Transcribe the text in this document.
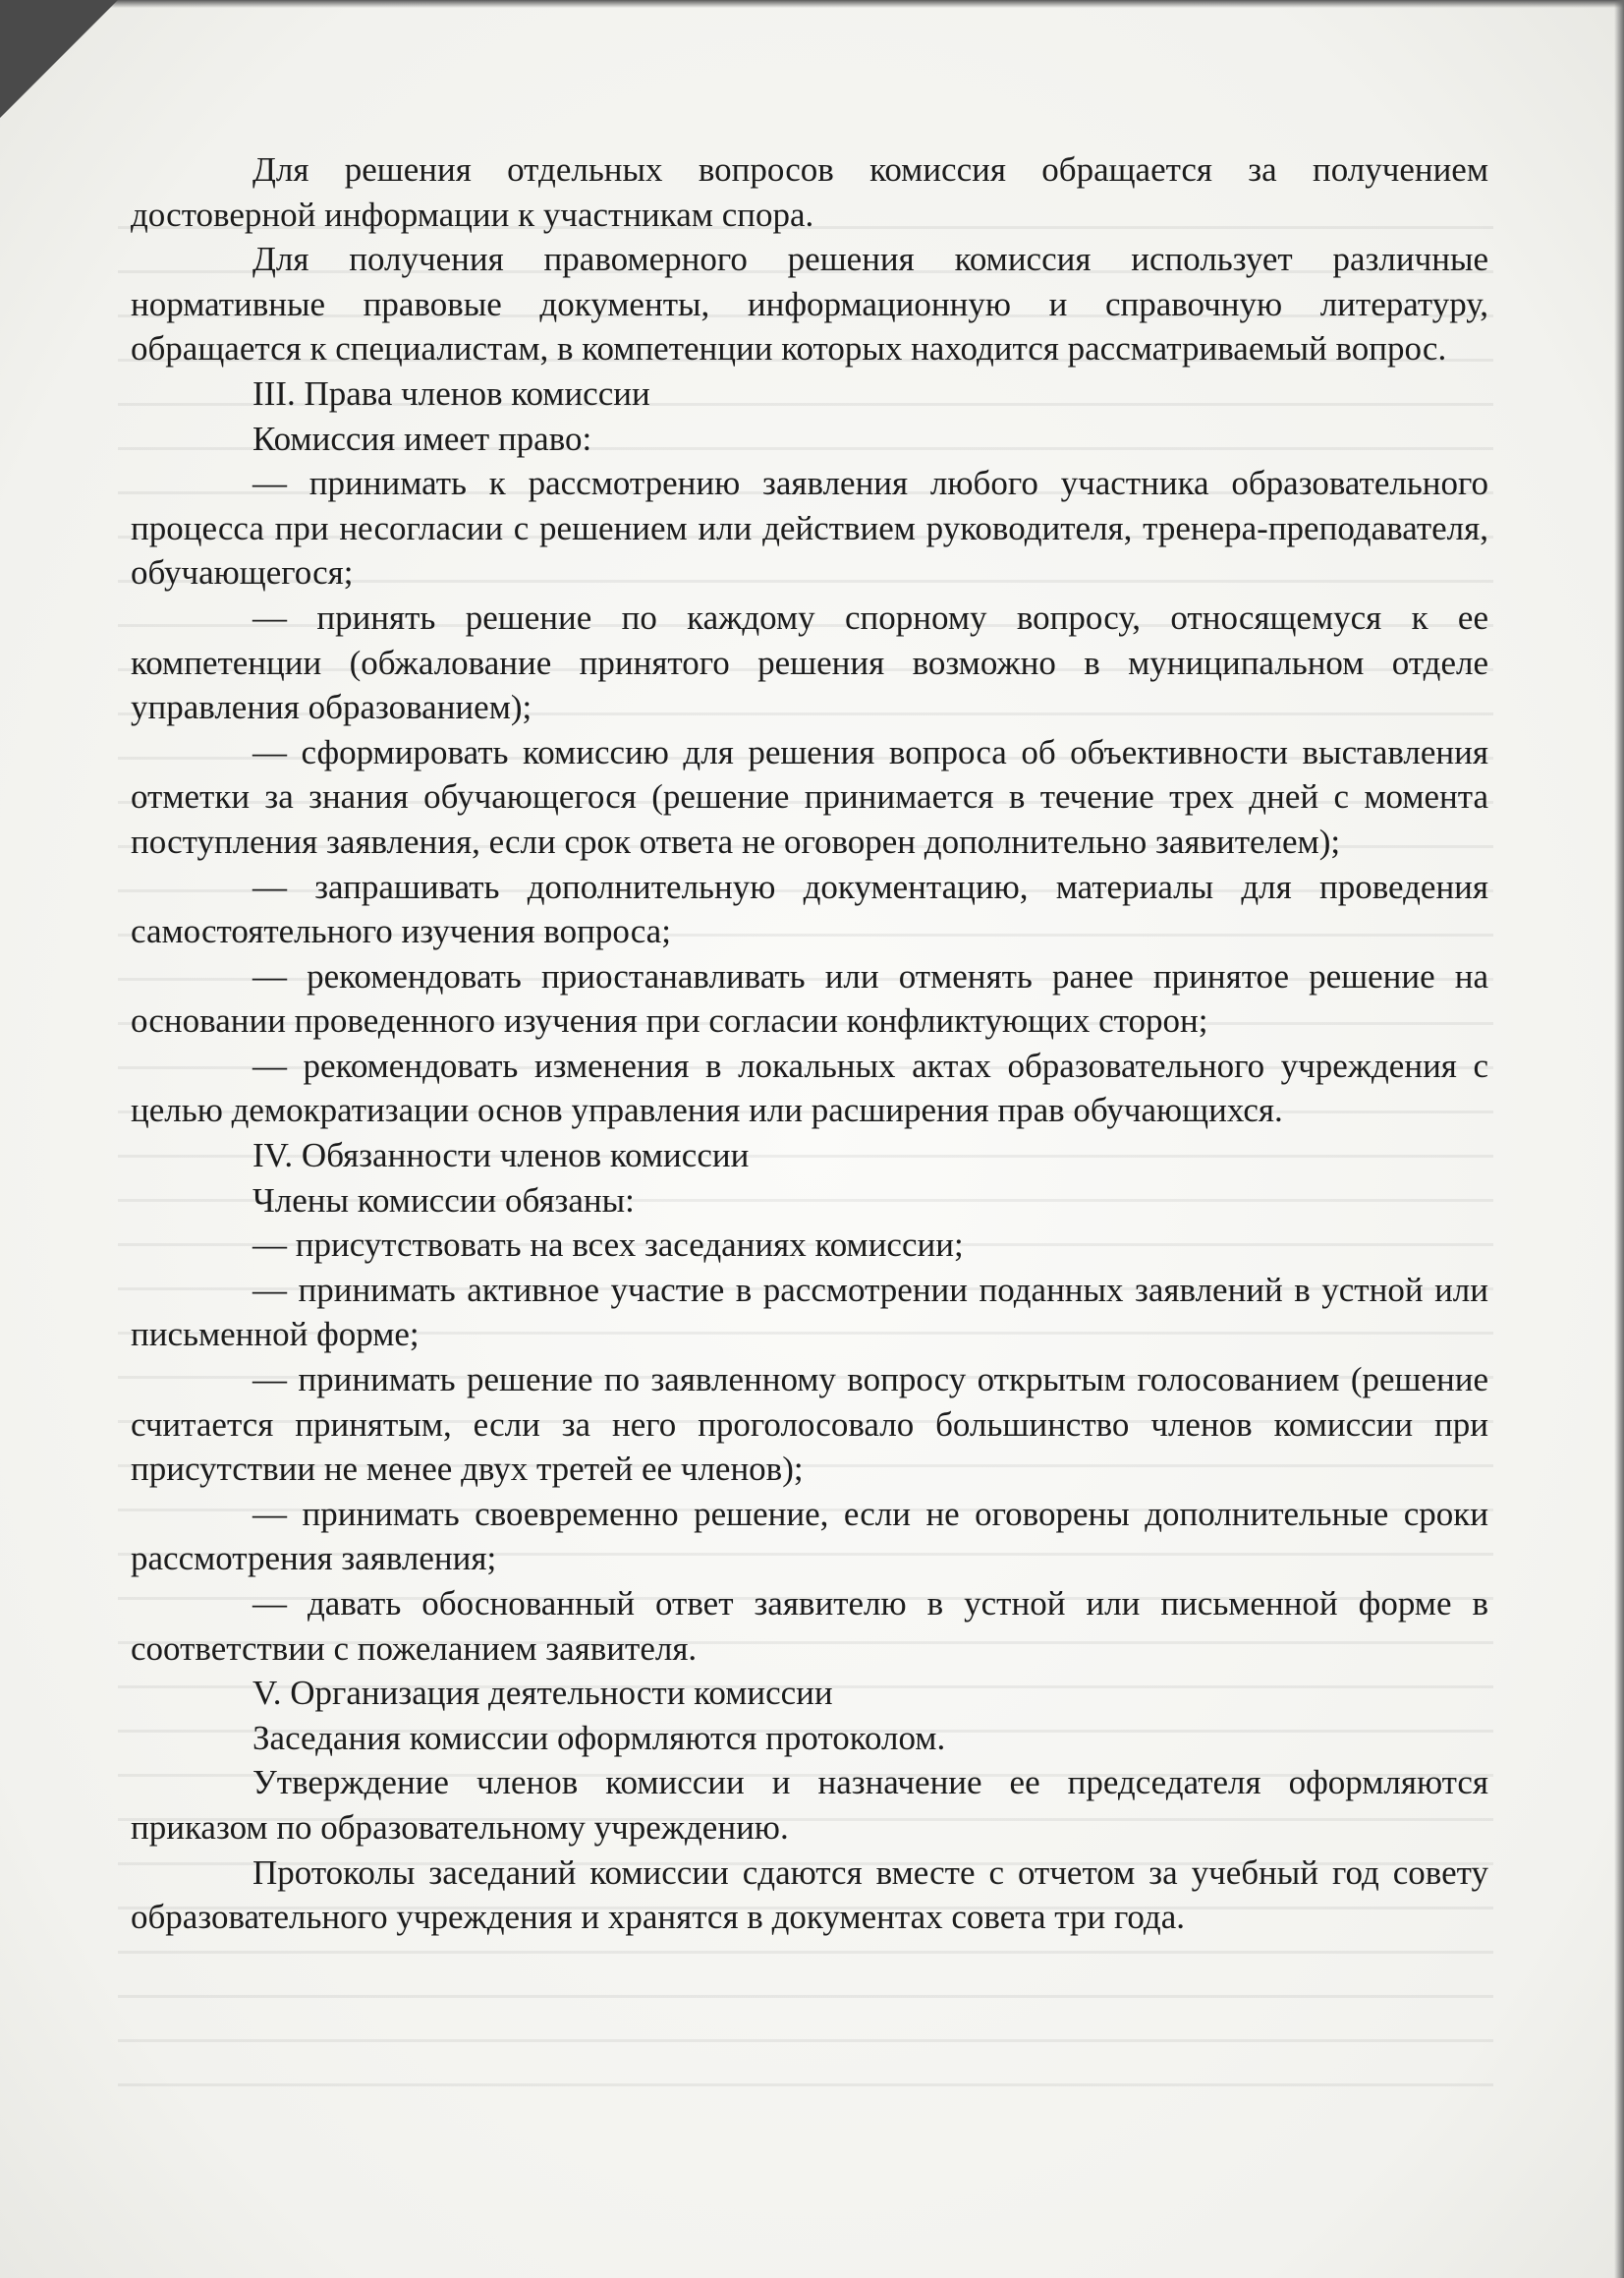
Для решения отдельных вопросов комиссия обращается за получением достоверной информации к участникам спора.

Для получения правомерного решения комиссия использует различные нормативные правовые документы, информационную и справочную литературу, обращается к специалистам, в компетенции которых находится рассматриваемый вопрос.

III. Права членов комиссии

Комиссия имеет право:

— принимать к рассмотрению заявления любого участника образовательного процесса при несогласии с решением или действием руководителя, тренера-преподавателя, обучающегося;

— принять решение по каждому спорному вопросу, относящемуся к ее компетенции (обжалование принятого решения возможно в муниципальном отделе управления образованием);

— сформировать комиссию для решения вопроса об объективности выставления отметки за знания обучающегося (решение принимается в течение трех дней с момента поступления заявления, если срок ответа не оговорен дополнительно заявителем);

— запрашивать дополнительную документацию, материалы для проведения самостоятельного изучения вопроса;

— рекомендовать приостанавливать или отменять ранее принятое решение на основании проведенного изучения при согласии конфликтующих сторон;

— рекомендовать изменения в локальных актах образовательного учреждения с целью демократизации основ управления или расширения прав обучающихся.

IV. Обязанности членов комиссии

Члены комиссии обязаны:

— присутствовать на всех заседаниях комиссии;

— принимать активное участие в рассмотрении поданных заявлений в устной или письменной форме;

— принимать решение по заявленному вопросу открытым голосованием (решение считается принятым, если за него проголосовало большинство членов комиссии при присутствии не менее двух третей ее членов);

— принимать своевременно решение, если не оговорены дополнительные сроки рассмотрения заявления;

— давать обоснованный ответ заявителю в устной или письменной форме в соответствии с пожеланием заявителя.

V. Организация деятельности комиссии

Заседания комиссии оформляются протоколом.

Утверждение членов комиссии и назначение ее председателя оформляются приказом по образовательному учреждению.

Протоколы заседаний комиссии сдаются вместе с отчетом за учебный год совету образовательного учреждения и хранятся в документах совета три года.
